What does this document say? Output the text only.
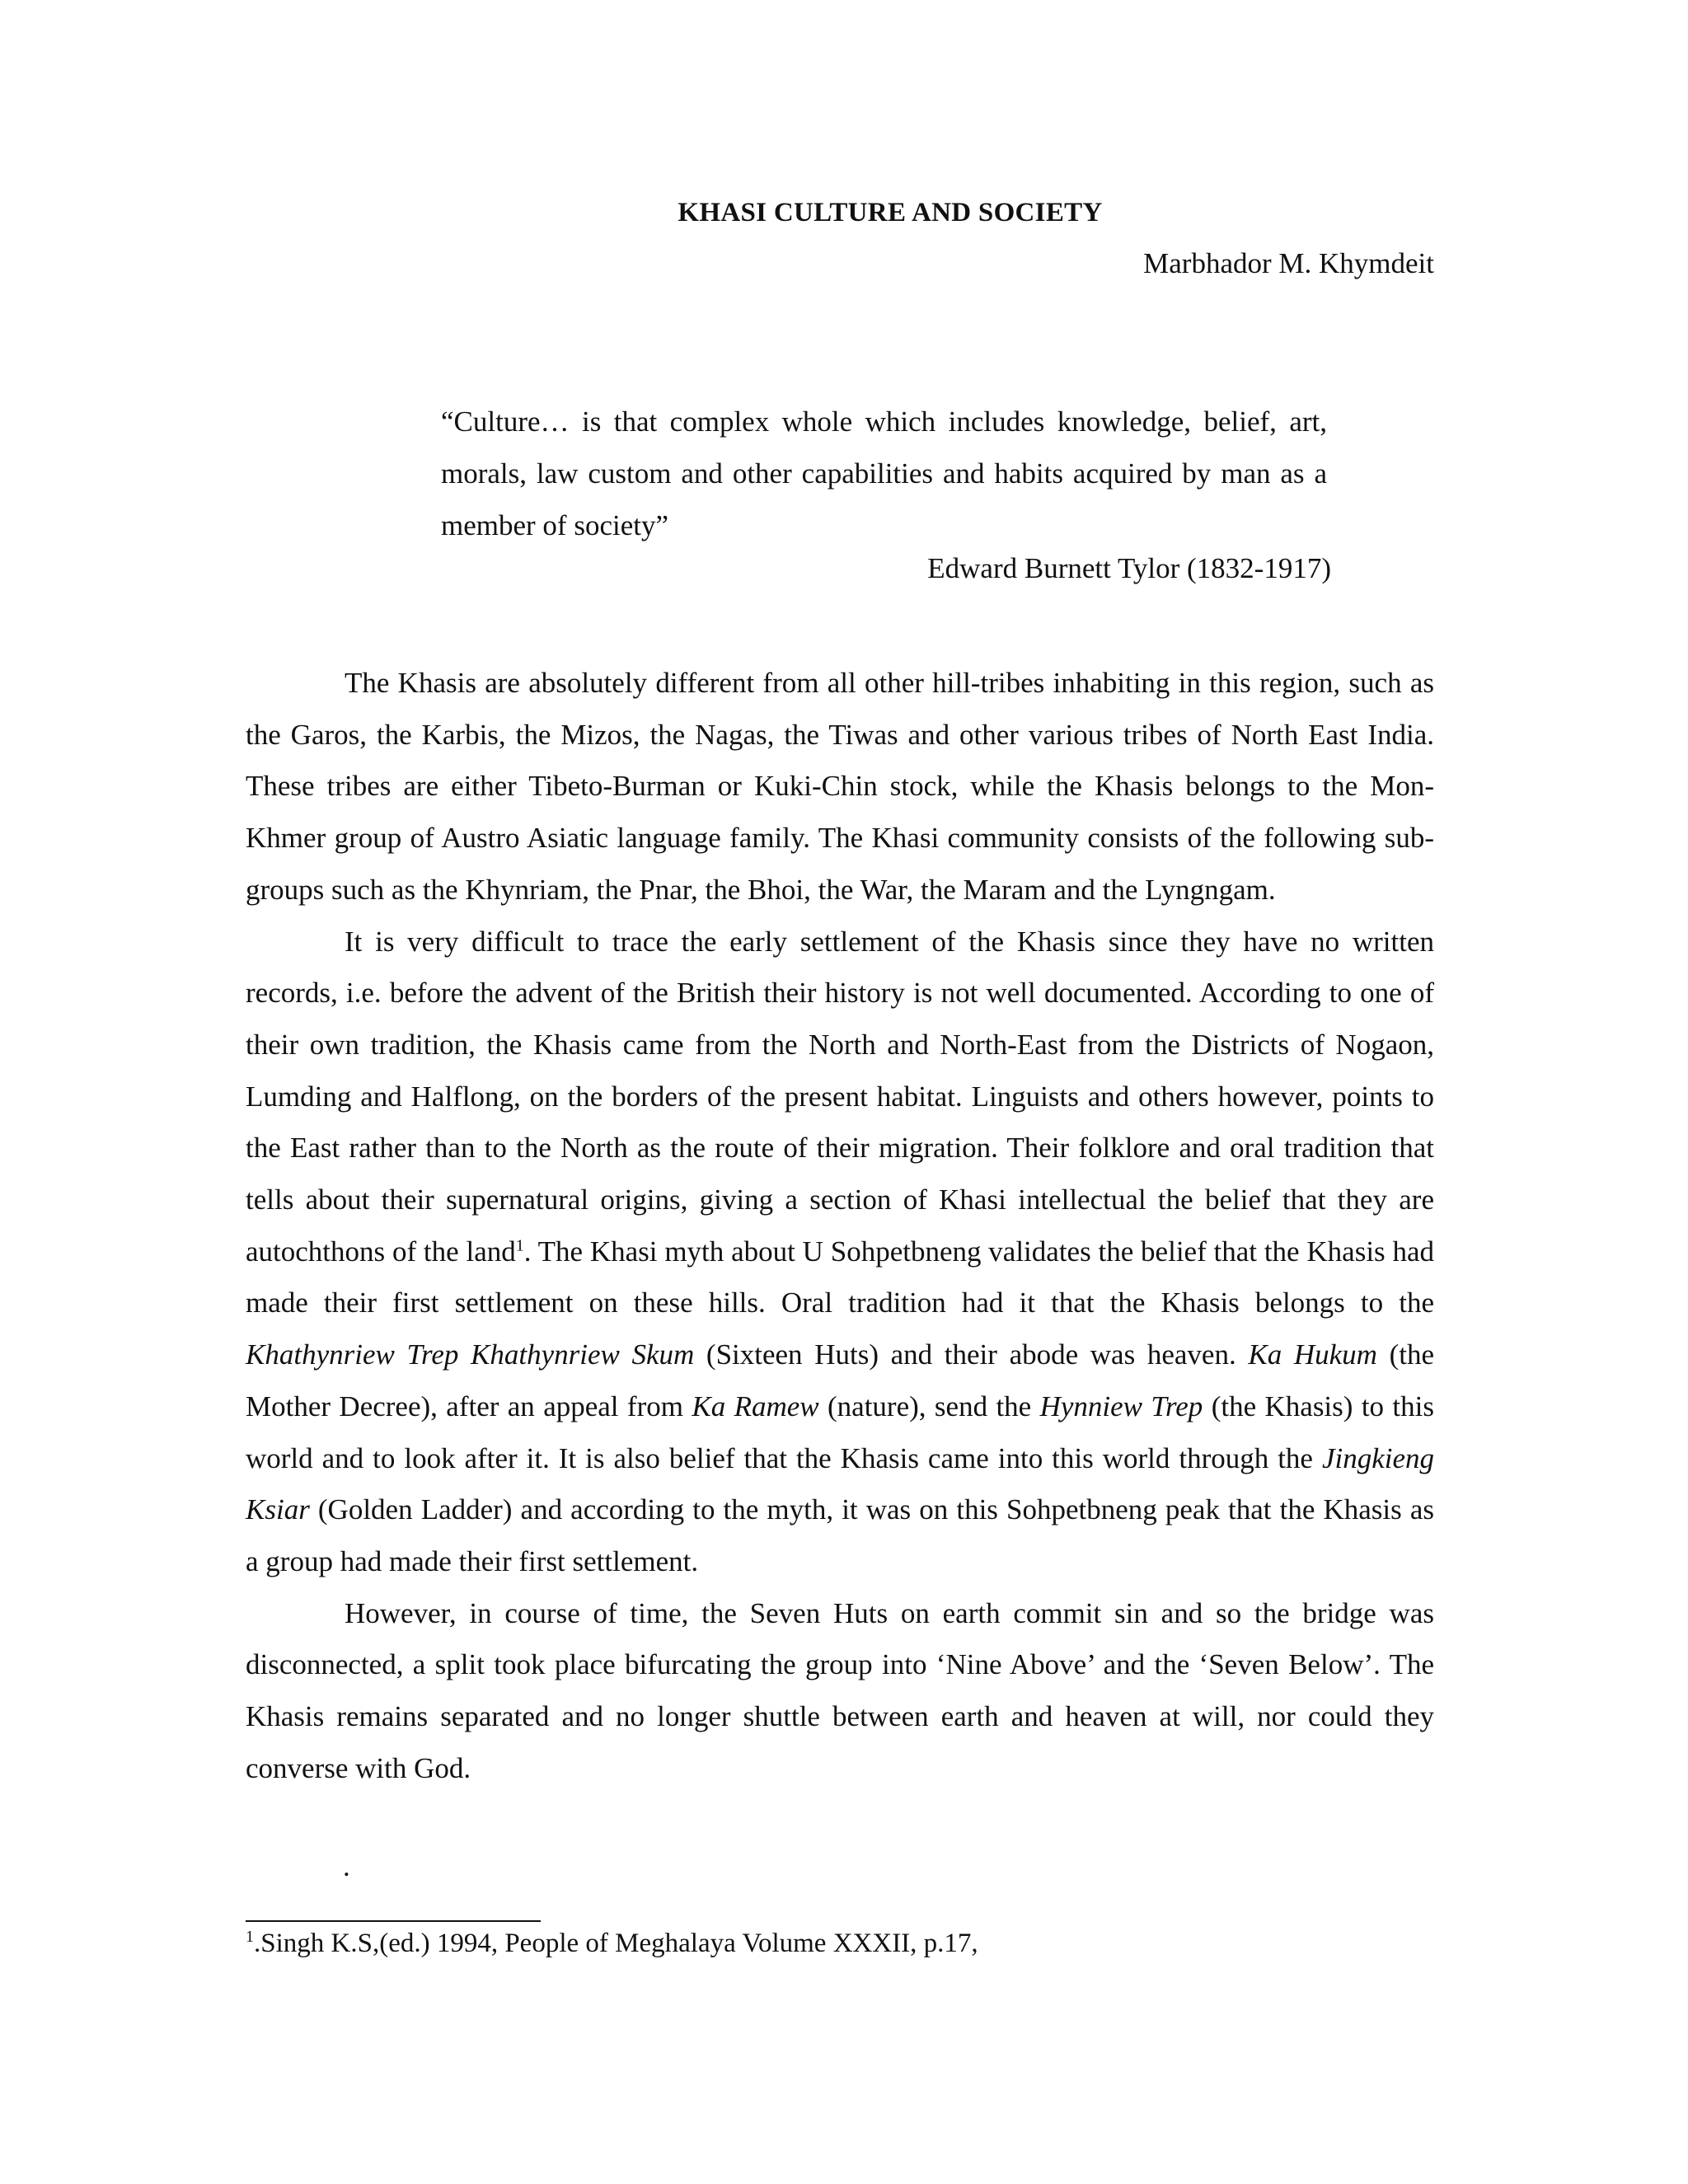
KHASI CULTURE AND SOCIETY
Marbhador M. Khymdeit
“Culture… is that complex whole which includes knowledge, belief, art, morals, law custom and other capabilities and habits acquired by man as a member of society”
Edward Burnett Tylor (1832-1917)

The Khasis are absolutely different from all other hill-tribes inhabiting in this region, such as the Garos, the Karbis, the Mizos, the Nagas, the Tiwas and other various tribes of North East India. These tribes are either Tibeto-Burman or Kuki-Chin stock, while the Khasis belongs to the Mon-Khmer group of Austro Asiatic language family. The Khasi community consists of the following sub-groups such as the Khynriam, the Pnar, the Bhoi, the War, the Maram and the Lyngngam.

It is very difficult to trace the early settlement of the Khasis since they have no written records, i.e. before the advent of the British their history is not well documented. According to one of their own tradition, the Khasis came from the North and North-East from the Districts of Nogaon, Lumding and Halflong, on the borders of the present habitat. Linguists and others however, points to the East rather than to the North as the route of their migration. Their folklore and oral tradition that tells about their supernatural origins, giving a section of Khasi intellectual the belief that they are autochthons of the land$^1$. The Khasi myth about U Sohpetbneng validates the belief that the Khasis had made their first settlement on these hills. Oral tradition had it that the Khasis belongs to the Khathynriew Trep Khathynriew Skum (Sixteen Huts) and their abode was heaven. Ka Hukum (the Mother Decree), after an appeal from Ka Ramew (nature), send the Hynniew Trep (the Khasis) to this world and to look after it. It is also belief that the Khasis came into this world through the Jingkieng Ksiar (Golden Ladder) and according to the myth, it was on this Sohpetbneng peak that the Khasis as a group had made their first settlement.

However, in course of time, the Seven Huts on earth commit sin and so the bridge was disconnected, a split took place bifurcating the group into ‘Nine Above’ and the ‘Seven Below’. The Khasis remains separated and no longer shuttle between earth and heaven at will, nor could they converse with God.

.
$^1$.Singh K.S,(ed.) 1994, People of Meghalaya Volume XXXII, p.17,
